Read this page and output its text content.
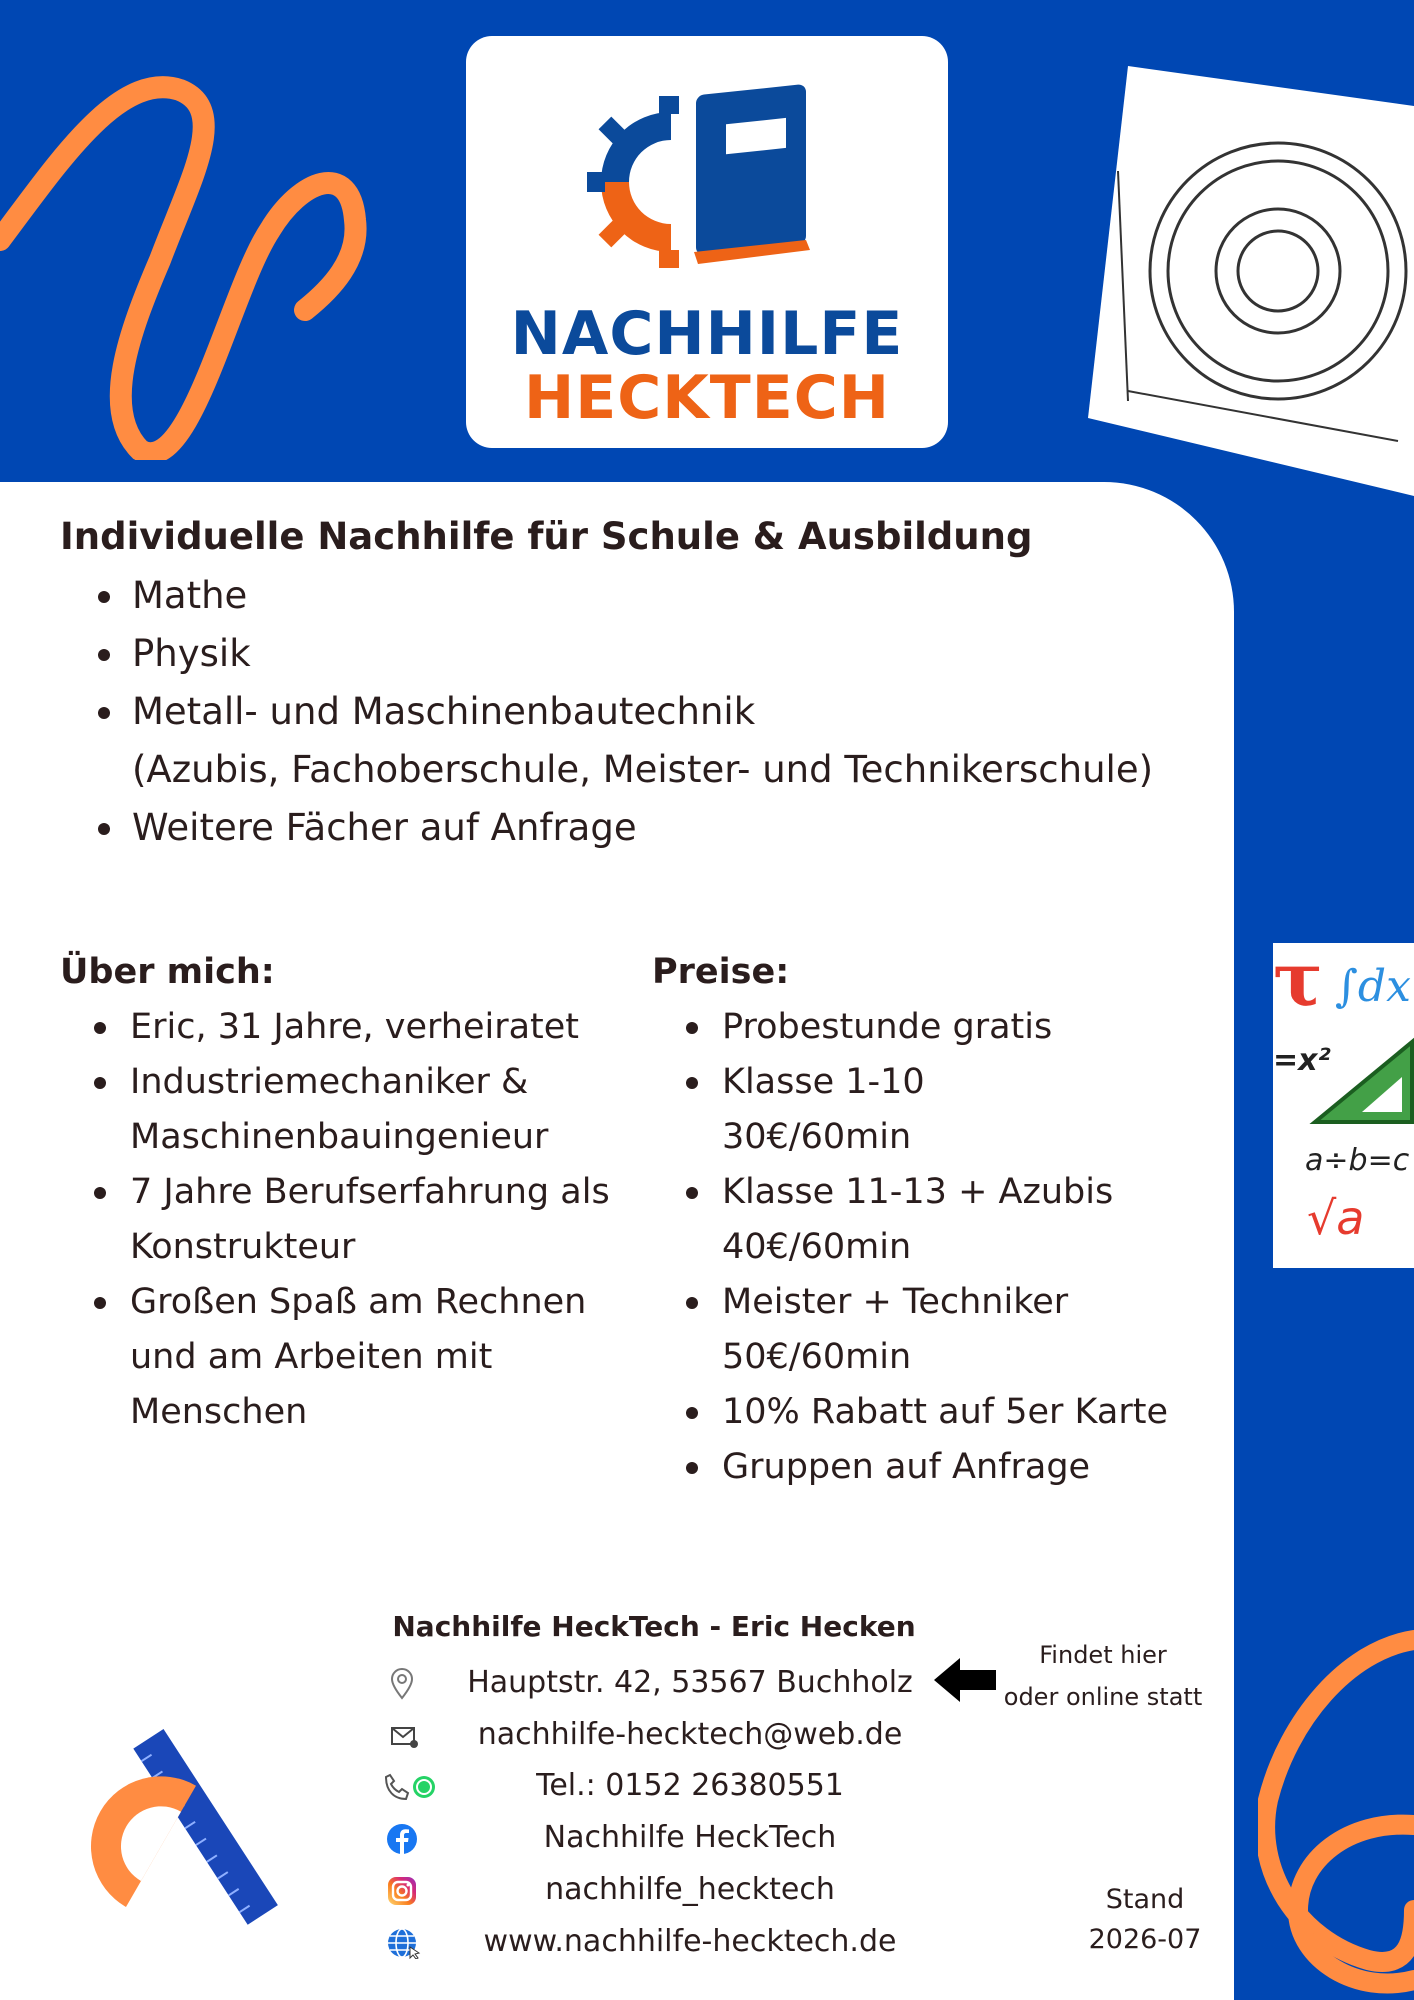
NACHHILFE
HECKTECH
Individuelle Nachhilfe für Schule & Ausbildung
Mathe
Physik
Metall- und Maschinenbautechnik
(Azubis, Fachoberschule, Meister- und Technikerschule)
Weitere Fächer auf Anfrage
Über mich:
Eric, 31 Jahre, verheiratet
Industriemechaniker & Maschinenbauingenieur
7 Jahre Berufserfahrung als Konstrukteur
Großen Spaß am Rechnen und am Arbeiten mit Menschen
Preise:
Probestunde gratis
Klasse 1-10
30€/60min
Klasse 11-13 + Azubis
40€/60min
Meister + Techniker
50€/60min
10% Rabatt auf 5er Karte
Gruppen auf Anfrage
τ ∫dx
=x²
a÷b=c
√a
Nachhilfe HeckTech - Eric Hecken
Hauptstr. 42, 53567 Buchholz
nachhilfe-hecktech@web.de
Tel.: 0152 26380551
Nachhilfe HeckTech
nachhilfe_hecktech
www.nachhilfe-hecktech.de
Findet hier
oder online statt
Stand
2026-07
